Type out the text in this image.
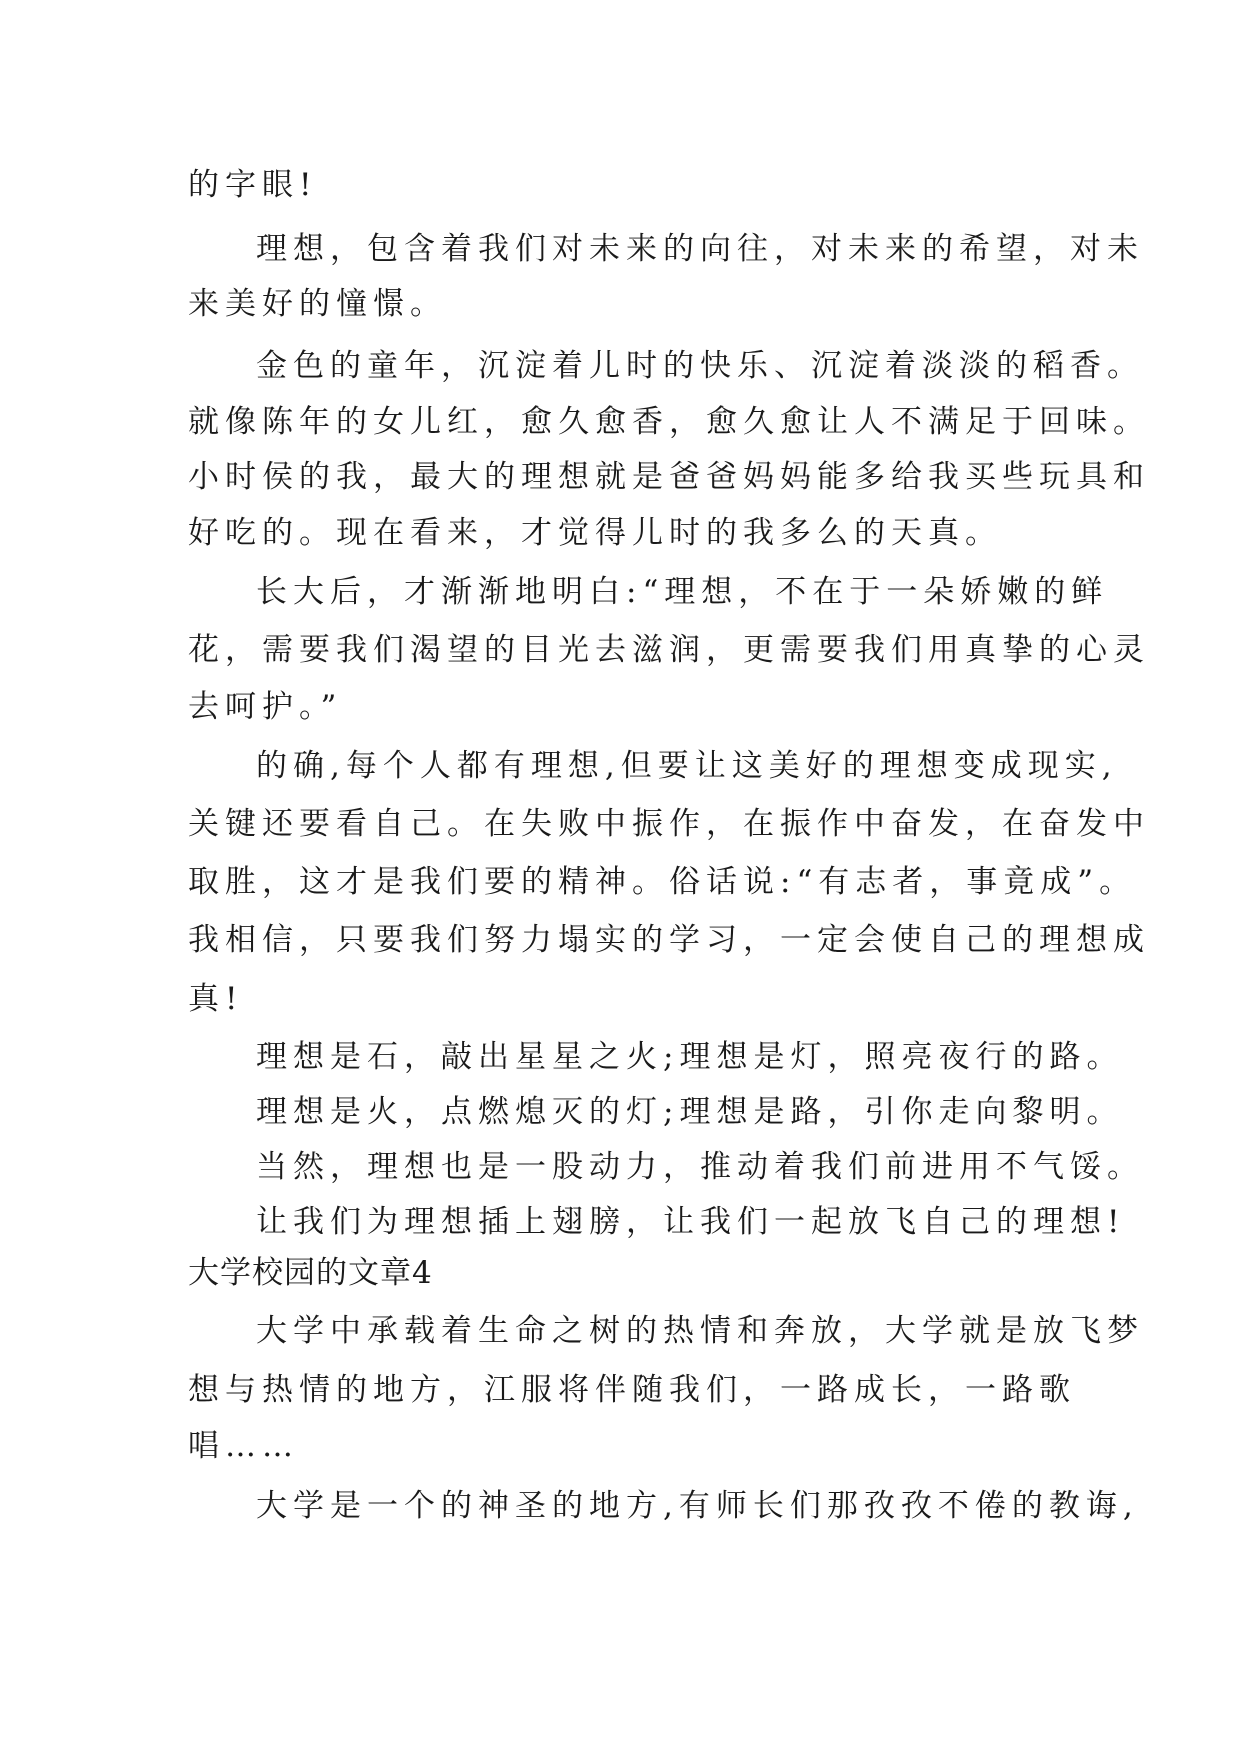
的字眼!
理想，包含着我们对未来的向往，对未来的希望，对未
来美好的憧憬。
金色的童年，沉淀着儿时的快乐、沉淀着淡淡的稻香。
就像陈年的女儿红，愈久愈香，愈久愈让人不满足于回味。
小时侯的我，最大的理想就是爸爸妈妈能多给我买些玩具和
好吃的。现在看来，才觉得儿时的我多么的天真。
长大后，才渐渐地明白:“理想，不在于一朵娇嫩的鲜
花，需要我们渴望的目光去滋润，更需要我们用真挚的心灵
去呵护。”
的确,每个人都有理想,但要让这美好的理想变成现实,
关键还要看自己。在失败中振作，在振作中奋发，在奋发中
取胜，这才是我们要的精神。俗话说:“有志者，事竟成”。
我相信，只要我们努力塌实的学习，一定会使自己的理想成
真!
理想是石，敲出星星之火;理想是灯，照亮夜行的路。
理想是火，点燃熄灭的灯;理想是路，引你走向黎明。
当然，理想也是一股动力，推动着我们前进用不气馁。
让我们为理想插上翅膀，让我们一起放飞自己的理想!
大学校园的文章4
大学中承载着生命之树的热情和奔放，大学就是放飞梦
想与热情的地方，江服将伴随我们，一路成长，一路歌
唱……
大学是一个的神圣的地方,有师长们那孜孜不倦的教诲,
